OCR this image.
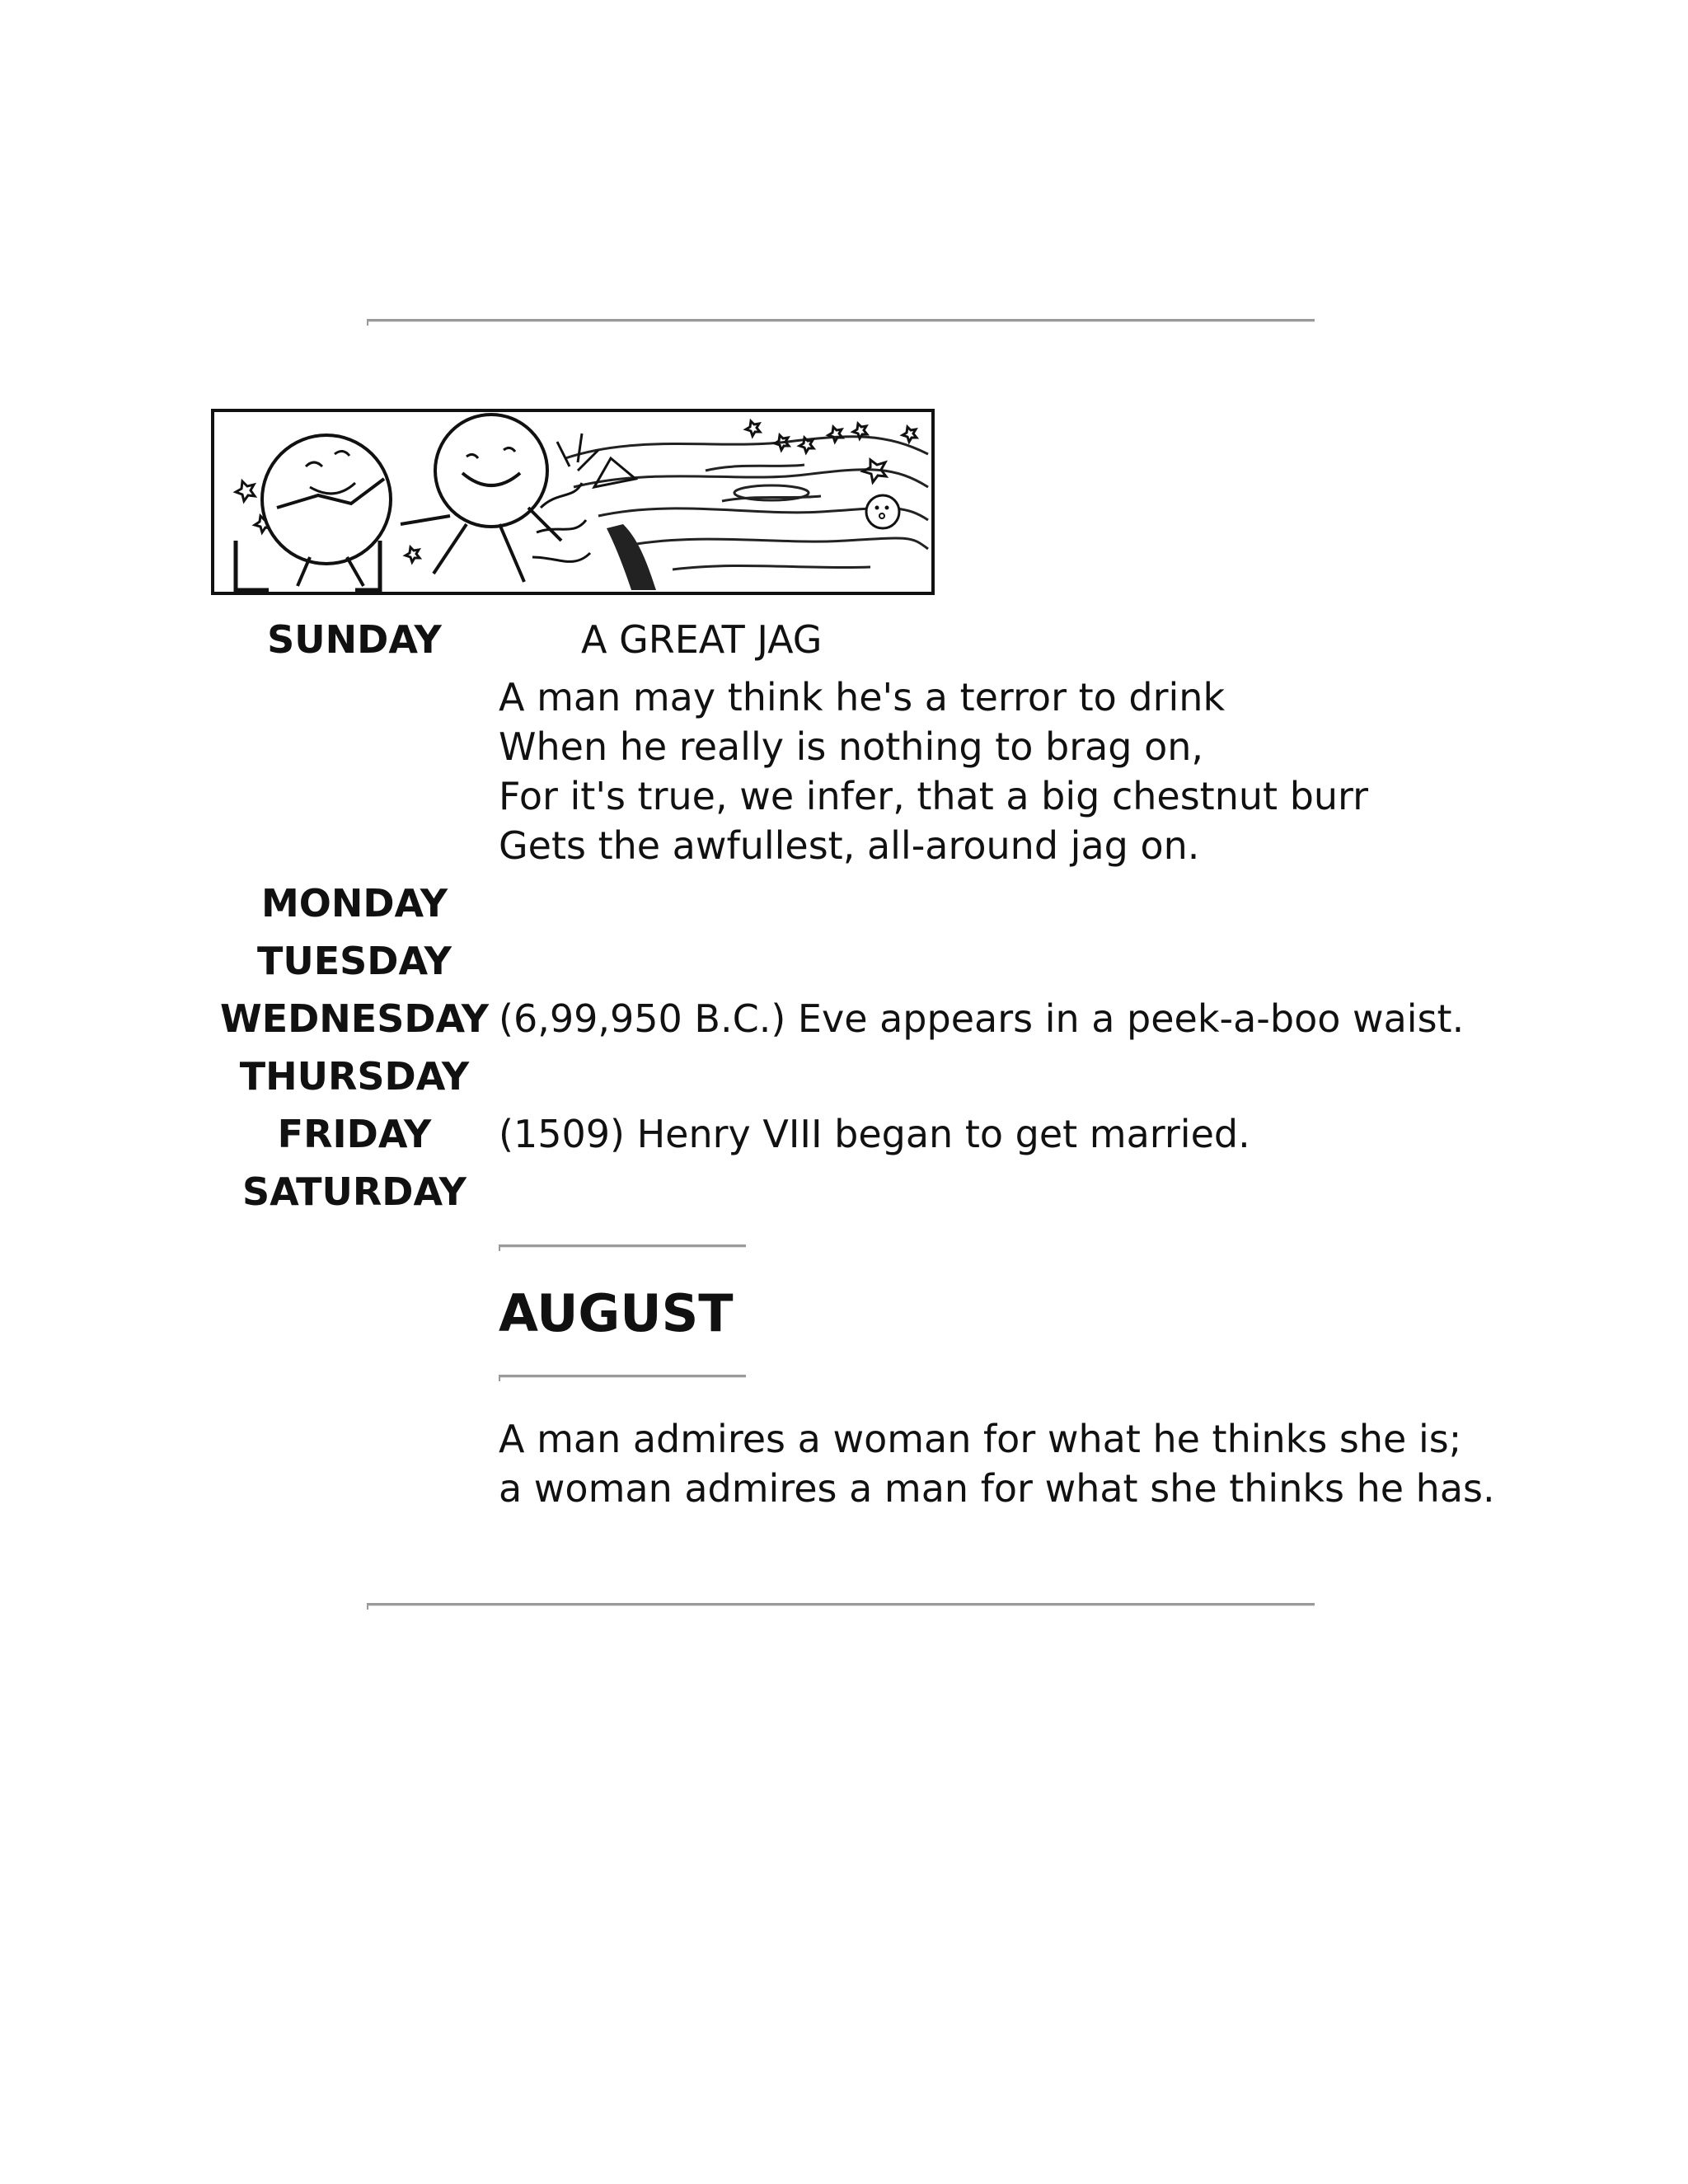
SUNDAY	A GREAT JAG
A man may think he's a terror to drink
When he really is nothing to brag on,
For it's true, we infer, that a big chestnut burr
Gets the awfullest, all-around jag on.
MONDAY
TUESDAY
WEDNESDAY (6,99,950 B.C.) Eve appears in a peek-a-boo waist.
THURSDAY
FRIDAY	(1509) Henry VIII began to get married.
SATURDAY
AUGUST
A man admires a woman for what he thinks she is;
a woman admires a man for what she thinks he has.
